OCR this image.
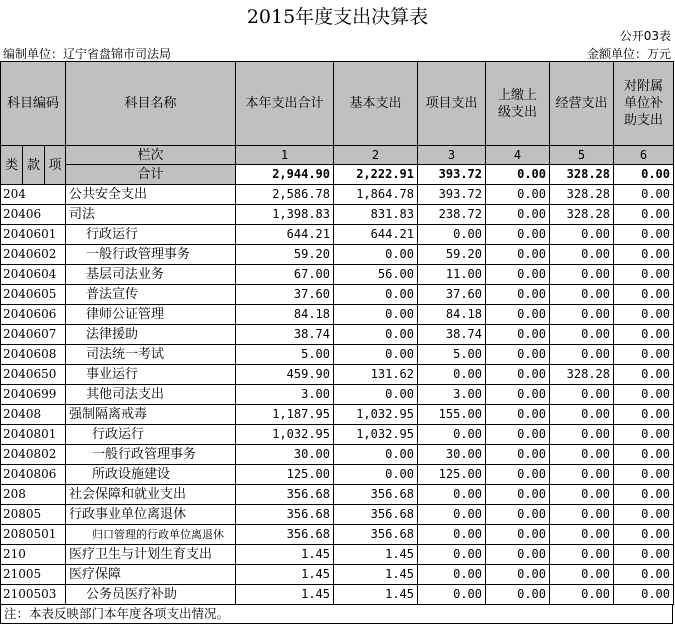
2015年度支出决算表
公开03表
编制单位：辽宁省盘锦市司法局	金额单位：万元
科目编码			科目名称	本年支出合计	基本支出	项目支出	上缴上级支出	经营支出	对附属单位补助支出

类	款	项	栏次	1	2	3	4	5	6
			合计	2,944.90	2,222.91	393.72	0.00	328.28	0.00
204			公共安全支出	2,586.78	1,864.78	393.72	0.00	328.28	0.00
20406			司法	1,398.83	831.83	238.72	0.00	328.28	0.00
2040601			行政运行	644.21	644.21	0.00	0.00	0.00	0.00
2040602			一般行政管理事务	59.20	0.00	59.20	0.00	0.00	0.00
2040604			基层司法业务	67.00	56.00	11.00	0.00	0.00	0.00
2040605			普法宣传	37.60	0.00	37.60	0.00	0.00	0.00
2040606			律师公证管理	84.18	0.00	84.18	0.00	0.00	0.00
2040607			法律援助	38.74	0.00	38.74	0.00	0.00	0.00
2040608			司法统一考试	5.00	0.00	5.00	0.00	0.00	0.00
2040650			事业运行	459.90	131.62	0.00	0.00	328.28	0.00
2040699			其他司法支出	3.00	0.00	3.00	0.00	0.00	0.00
20408			强制隔离戒毒	1,187.95	1,032.95	155.00	0.00	0.00	0.00
2040801			行政运行	1,032.95	1,032.95	0.00	0.00	0.00	0.00
2040802			一般行政管理事务	30.00	0.00	30.00	0.00	0.00	0.00
2040806			所政设施建设	125.00	0.00	125.00	0.00	0.00	0.00
208			社会保障和就业支出	356.68	356.68	0.00	0.00	0.00	0.00
20805			行政事业单位离退休	356.68	356.68	0.00	0.00	0.00	0.00
2080501			归口管理的行政单位离退休	356.68	356.68	0.00	0.00	0.00	0.00
210			医疗卫生与计划生育支出	1.45	1.45	0.00	0.00	0.00	0.00
21005			医疗保障	1.45	1.45	0.00	0.00	0.00	0.00
2100503			公务员医疗补助	1.45	1.45	0.00	0.00	0.00	0.00
注：本表反映部门本年度各项支出情况。
